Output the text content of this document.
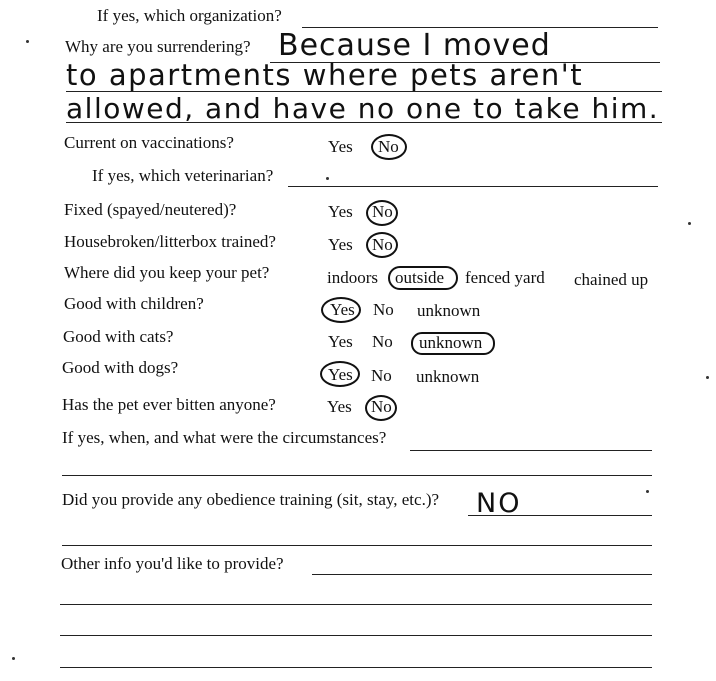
If yes, which organization?
Why are you surrendering? Because I moved
to apartments where pets aren't
allowed, and have no one to take him.
Current on vaccinations?	Yes No
If yes, which veterinarian?
Fixed (spayed/neutered)?	Yes No
Housebroken/litterbox trained?	Yes No
Where did you keep your pet?	indoors outside fenced yard chained up
Good with children?	Yes No unknown
Good with cats?	Yes No unknown
Good with dogs?	Yes No unknown
Has the pet ever bitten anyone?	Yes No
If yes, when, and what were the circumstances?
Did you provide any obedience training (sit, stay, etc.)? NO
Other info you'd like to provide?
